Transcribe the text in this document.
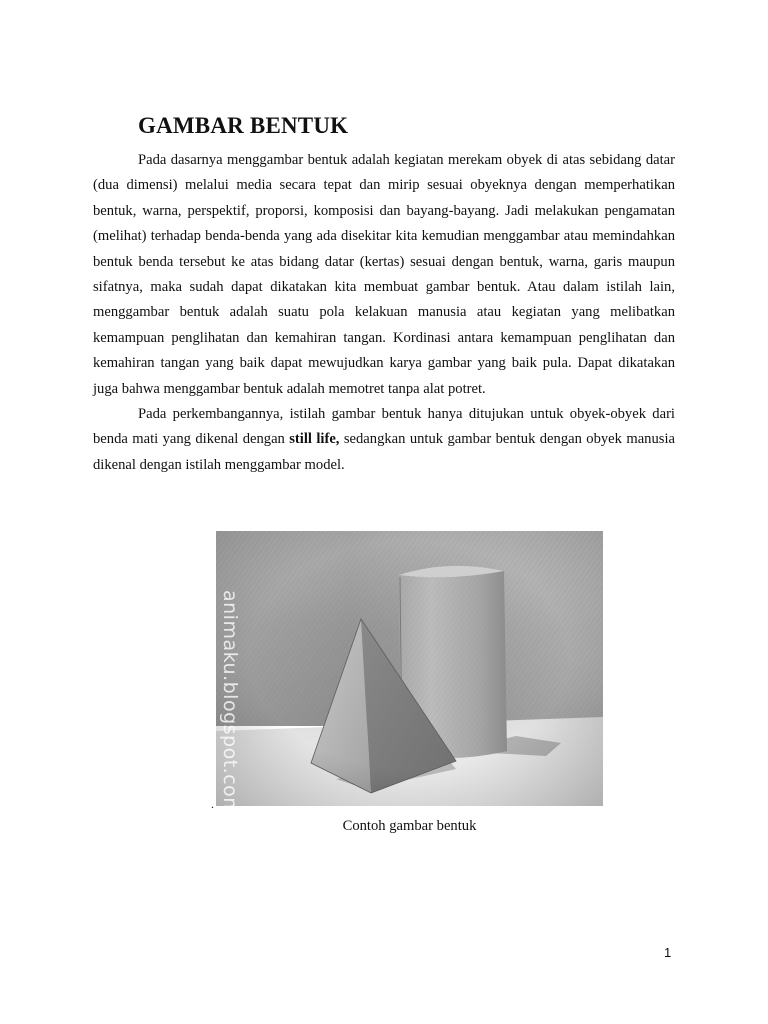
GAMBAR BENTUK

Pada dasarnya menggambar bentuk adalah kegiatan merekam obyek di atas sebidang datar (dua dimensi) melalui media secara tepat dan mirip sesuai obyeknya dengan memperhatikan bentuk, warna, perspektif, proporsi, komposisi dan bayang-bayang. Jadi melakukan pengamatan (melihat) terhadap benda-benda yang ada disekitar kita kemudian menggambar atau memindahkan bentuk benda tersebut ke atas bidang datar (kertas) sesuai dengan bentuk, warna, garis maupun sifatnya, maka sudah dapat dikatakan kita membuat gambar bentuk. Atau dalam istilah lain, menggambar bentuk adalah suatu pola kelakuan manusia atau kegiatan yang melibatkan kemampuan penglihatan dan kemahiran tangan. Kordinasi antara kemampuan penglihatan dan kemahiran tangan yang baik dapat mewujudkan karya gambar yang baik pula. Dapat dikatakan juga bahwa menggambar bentuk adalah memotret tanpa alat potret.

Pada perkembangannya, istilah gambar bentuk hanya ditujukan untuk obyek-obyek dari benda mati yang dikenal dengan still life, sedangkan untuk gambar bentuk dengan obyek manusia dikenal dengan istilah menggambar model.

animaku.blogspot.com
.
Contoh gambar bentuk
1
